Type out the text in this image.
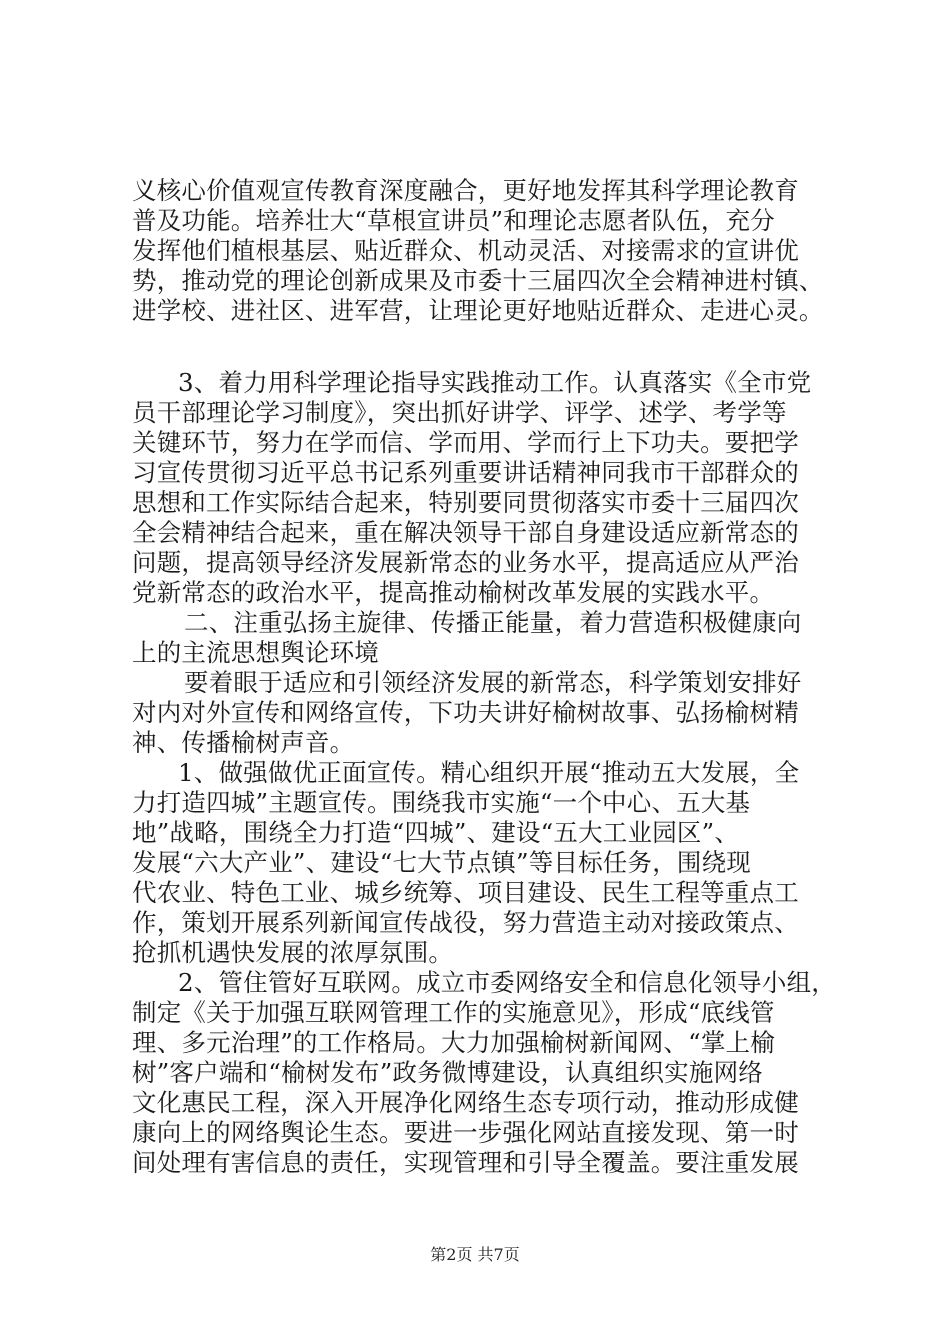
义核心价值观宣传教育深度融合，更好地发挥其科学理论教育
普及功能。培养壮大“草根宣讲员”和理论志愿者队伍，充分
发挥他们植根基层、贴近群众、机动灵活、对接需求的宣讲优
势，推动党的理论创新成果及市委十三届四次全会精神进村镇、
进学校、进社区、进军营，让理论更好地贴近群众、走进心灵。
3、着力用科学理论指导实践推动工作。认真落实《全市党
员干部理论学习制度》，突出抓好讲学、评学、述学、考学等
关键环节，努力在学而信、学而用、学而行上下功夫。要把学
习宣传贯彻习近平总书记系列重要讲话精神同我市干部群众的
思想和工作实际结合起来，特别要同贯彻落实市委十三届四次
全会精神结合起来，重在解决领导干部自身建设适应新常态的
问题，提高领导经济发展新常态的业务水平，提高适应从严治
党新常态的政治水平，提高推动榆树改革发展的实践水平。
二、注重弘扬主旋律、传播正能量，着力营造积极健康向
上的主流思想舆论环境
要着眼于适应和引领经济发展的新常态，科学策划安排好
对内对外宣传和网络宣传，下功夫讲好榆树故事、弘扬榆树精
神、传播榆树声音。
1、做强做优正面宣传。精心组织开展“推动五大发展，全
力打造四城”主题宣传。围绕我市实施“一个中心、五大基
地”战略，围绕全力打造“四城”、建设“五大工业园区”、
发展“六大产业”、建设“七大节点镇”等目标任务，围绕现
代农业、特色工业、城乡统筹、项目建设、民生工程等重点工
作，策划开展系列新闻宣传战役，努力营造主动对接政策点、
抢抓机遇快发展的浓厚氛围。
2、管住管好互联网。成立市委网络安全和信息化领导小组，
制定《关于加强互联网管理工作的实施意见》，形成“底线管
理、多元治理”的工作格局。大力加强榆树新闻网、“掌上榆
树”客户端和“榆树发布”政务微博建设，认真组织实施网络
文化惠民工程，深入开展净化网络生态专项行动，推动形成健
康向上的网络舆论生态。要进一步强化网站直接发现、第一时
间处理有害信息的责任，实现管理和引导全覆盖。要注重发展
第2页 共7页
